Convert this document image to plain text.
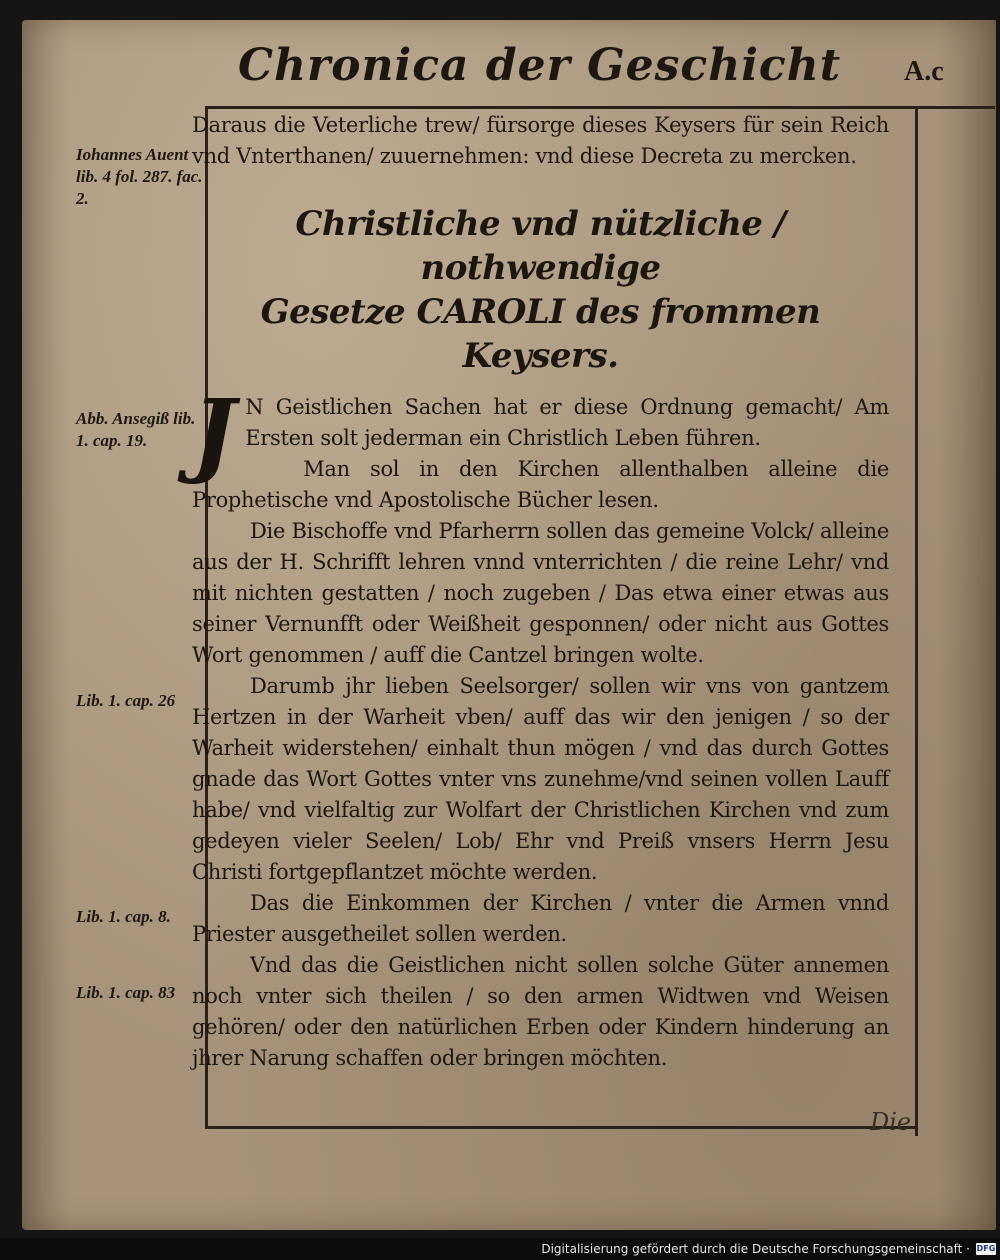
Chronica der Geschicht	A.c
Iohannes Auent lib. 4 fol. 287. fac. 2.
Abb. Ansegiß lib. 1. cap. 19.
Lib. 1. cap. 26
Lib. 1. cap. 8.
Lib. 1. cap. 83

Daraus die Veterliche trew/ fürsorge dieses Keysers für sein Reich vnd Vnterthanen/ zuuernehmen: vnd diese Decreta zu mercken.

Christliche vnd nützliche / nothwendige
Gesetze CAROLI des frommen
Keysers.

J N Geistlichen Sachen hat er diese Ordnung gemacht/ Am Ersten solt jederman ein Christlich Leben führen.

Man sol in den Kirchen allenthalben alleine die Prophetische vnd Apostolische Bücher lesen.

Die Bischoffe vnd Pfarherrn sollen das gemeine Volck/ alleine aus der H. Schrifft lehren vnnd vnterrichten / die reine Lehr/ vnd mit nichten gestatten / noch zugeben / Das etwa einer etwas aus seiner Vernunfft oder Weißheit gesponnen/ oder nicht aus Gottes Wort genommen / auff die Cantzel bringen wolte.

Darumb jhr lieben Seelsorger/ sollen wir vns von gantzem Hertzen in der Warheit vben/ auff das wir den jenigen / so der Warheit widerstehen/ einhalt thun mögen / vnd das durch Gottes gnade das Wort Gottes vnter vns zunehme/vnd seinen vollen Lauff habe/ vnd vielfaltig zur Wolfart der Christlichen Kirchen vnd zum gedeyen vieler Seelen/ Lob/ Ehr vnd Preiß vnsers Herrn Jesu Christi fortgepflantzet möchte werden.

Das die Einkommen der Kirchen / vnter die Armen vnnd Priester ausgetheilet sollen werden.

Vnd das die Geistlichen nicht sollen solche Güter annemen noch vnter sich theilen / so den armen Widtwen vnd Weisen gehören/ oder den natürlichen Erben oder Kindern hinderung an jhrer Narung schaffen oder bringen möchten.

Die
Digitalisierung gefördert durch die Deutsche Forschungsgemeinschaft · DFG
